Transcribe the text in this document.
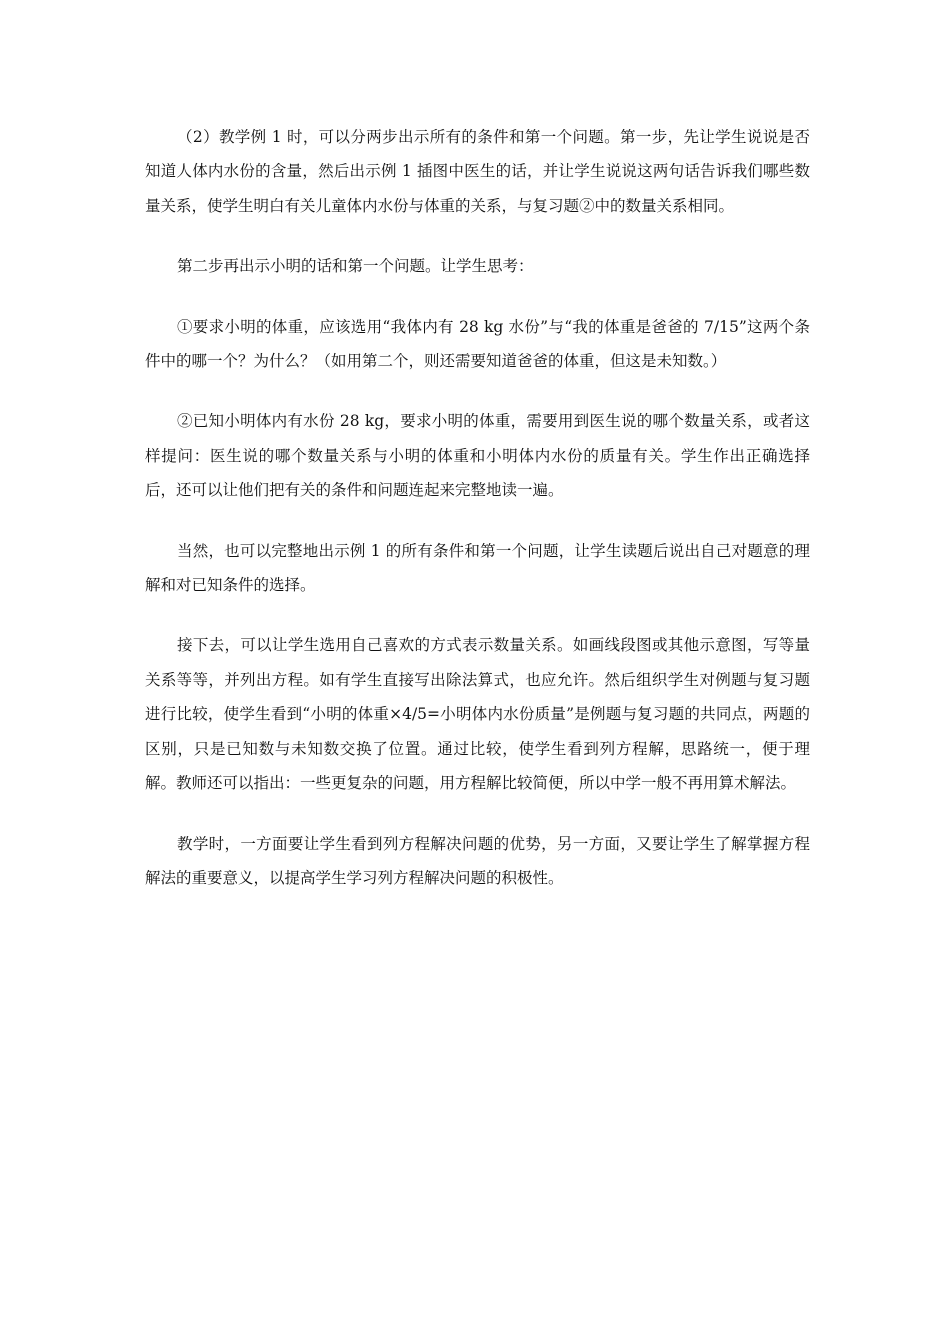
（2）教学例 1 时，可以分两步出示所有的条件和第一个问题。第一步，先让学生说说是否知道人体内水份的含量，然后出示例 1 插图中医生的话，并让学生说说这两句话告诉我们哪些数量关系，使学生明白有关儿童体内水份与体重的关系，与复习题②中的数量关系相同。

第二步再出示小明的话和第一个问题。让学生思考：

①要求小明的体重，应该选用“我体内有 28 kg 水份”与“我的体重是爸爸的 7/15”这两个条件中的哪一个？为什么？（如用第二个，则还需要知道爸爸的体重，但这是未知数。）

②已知小明体内有水份 28 kg，要求小明的体重，需要用到医生说的哪个数量关系，或者这样提问：医生说的哪个数量关系与小明的体重和小明体内水份的质量有关。学生作出正确选择后，还可以让他们把有关的条件和问题连起来完整地读一遍。

当然，也可以完整地出示例 1 的所有条件和第一个问题，让学生读题后说出自己对题意的理解和对已知条件的选择。

接下去，可以让学生选用自己喜欢的方式表示数量关系。如画线段图或其他示意图，写等量关系等等，并列出方程。如有学生直接写出除法算式，也应允许。然后组织学生对例题与复习题进行比较，使学生看到“小明的体重×4/5=小明体内水份质量”是例题与复习题的共同点，两题的区别，只是已知数与未知数交换了位置。通过比较，使学生看到列方程解，思路统一，便于理解。教师还可以指出：一些更复杂的问题，用方程解比较简便，所以中学一般不再用算术解法。

教学时，一方面要让学生看到列方程解决问题的优势，另一方面，又要让学生了解掌握方程解法的重要意义，以提高学生学习列方程解决问题的积极性。
